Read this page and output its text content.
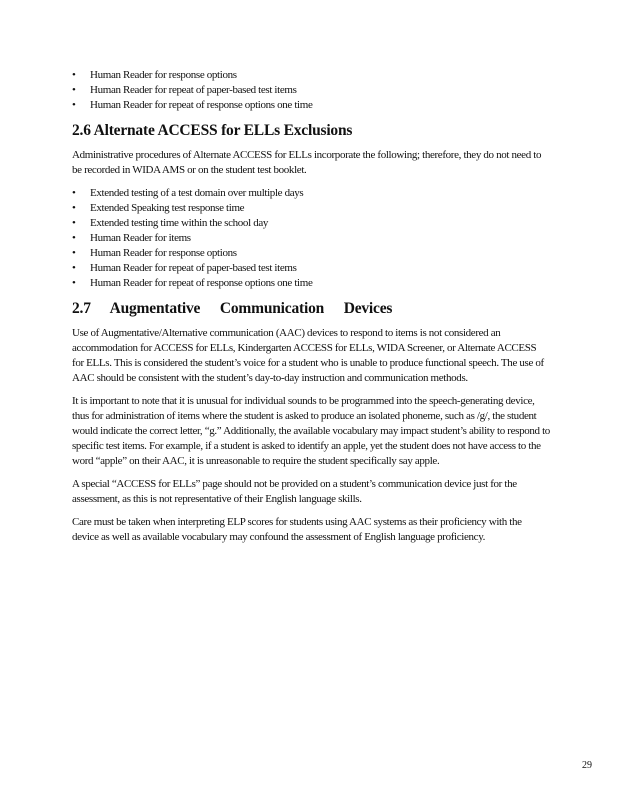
• Human Reader for response options
• Human Reader for repeat of paper-based test items
• Human Reader for repeat of response options one time
2.6 Alternate ACCESS for ELLs Exclusions

Administrative procedures of Alternate ACCESS for ELLs incorporate the following; therefore, they do not need to be recorded in WIDA AMS or on the student test booklet.

• Extended testing of a test domain over multiple days
• Extended Speaking test response time
• Extended testing time within the school day
• Human Reader for items
• Human Reader for response options
• Human Reader for repeat of paper-based test items
• Human Reader for repeat of response options one time
2.7 Augmentative Communication Devices

Use of Augmentative/Alternative communication (AAC) devices to respond to items is not considered an accommodation for ACCESS for ELLs, Kindergarten ACCESS for ELLs, WIDA Screener, or Alternate ACCESS for ELLs. This is considered the student’s voice for a student who is unable to produce functional speech. The use of AAC should be consistent with the student’s day-to-day instruction and communication methods.

It is important to note that it is unusual for individual sounds to be programmed into the speech-generating device, thus for administration of items where the student is asked to produce an isolated phoneme, such as /g/, the student would indicate the correct letter, “g.” Additionally, the available vocabulary may impact student’s ability to respond to specific test items. For example, if a student is asked to identify an apple, yet the student does not have access to the word “apple” on their AAC, it is unreasonable to require the student specifically say apple.

A special “ACCESS for ELLs” page should not be provided on a student’s communication device just for the assessment, as this is not representative of their English language skills.

Care must be taken when interpreting ELP scores for students using AAC systems as their proficiency with the device as well as available vocabulary may confound the assessment of English language proficiency.

29
